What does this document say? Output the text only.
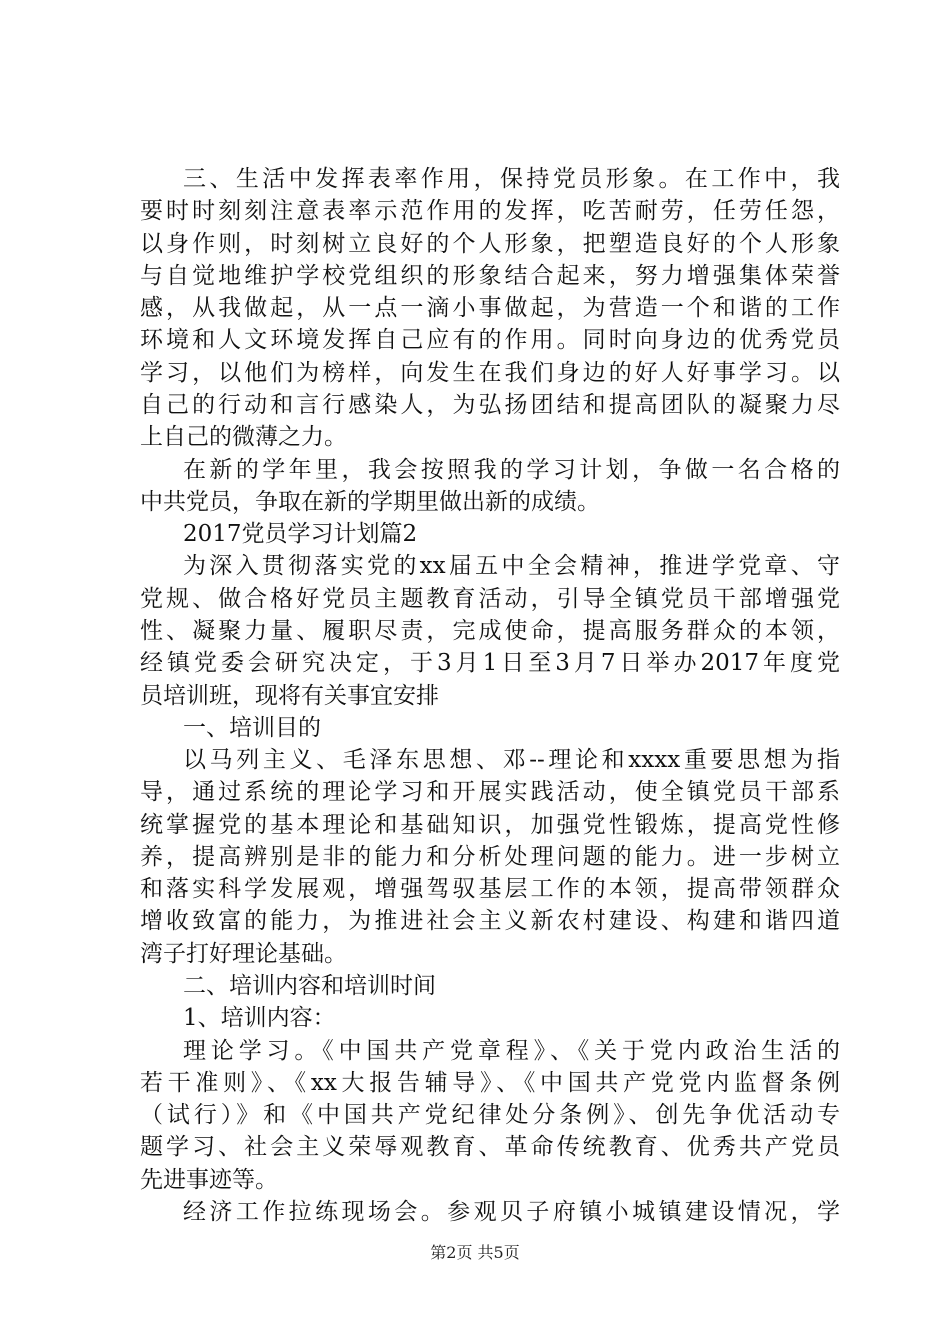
三、生活中发挥表率作用，保持党员形象。在工作中，我
要时时刻刻注意表率示范作用的发挥，吃苦耐劳，任劳任怨，
以身作则，时刻树立良好的个人形象，把塑造良好的个人形象
与自觉地维护学校党组织的形象结合起来，努力增强集体荣誉
感，从我做起，从一点一滴小事做起，为营造一个和谐的工作
环境和人文环境发挥自己应有的作用。同时向身边的优秀党员
学习，以他们为榜样，向发生在我们身边的好人好事学习。以
自己的行动和言行感染人，为弘扬团结和提高团队的凝聚力尽
上自己的微薄之力。
在新的学年里，我会按照我的学习计划，争做一名合格的
中共党员，争取在新的学期里做出新的成绩。
2017党员学习计划篇2
为深入贯彻落实党的xx届五中全会精神，推进学党章、守
党规、做合格好党员主题教育活动，引导全镇党员干部增强党
性、凝聚力量、履职尽责，完成使命，提高服务群众的本领，
经镇党委会研究决定，于3月1日至3月7日举办2017年度党
员培训班，现将有关事宜安排
一、培训目的
以马列主义、毛泽东思想、邓--理论和xxxx重要思想为指
导，通过系统的理论学习和开展实践活动，使全镇党员干部系
统掌握党的基本理论和基础知识，加强党性锻炼，提高党性修
养，提高辨别是非的能力和分析处理问题的能力。进一步树立
和落实科学发展观，增强驾驭基层工作的本领，提高带领群众
增收致富的能力，为推进社会主义新农村建设、构建和谐四道
湾子打好理论基础。
二、培训内容和培训时间
1、培训内容：
理论学习。《中国共产党章程》、《关于党内政治生活的
若干准则》、《xx大报告辅导》、《中国共产党党内监督条例
（试行）》和《中国共产党纪律处分条例》、创先争优活动专
题学习、社会主义荣辱观教育、革命传统教育、优秀共产党员
先进事迹等。
经济工作拉练现场会。参观贝子府镇小城镇建设情况，学
第2页 共5页
